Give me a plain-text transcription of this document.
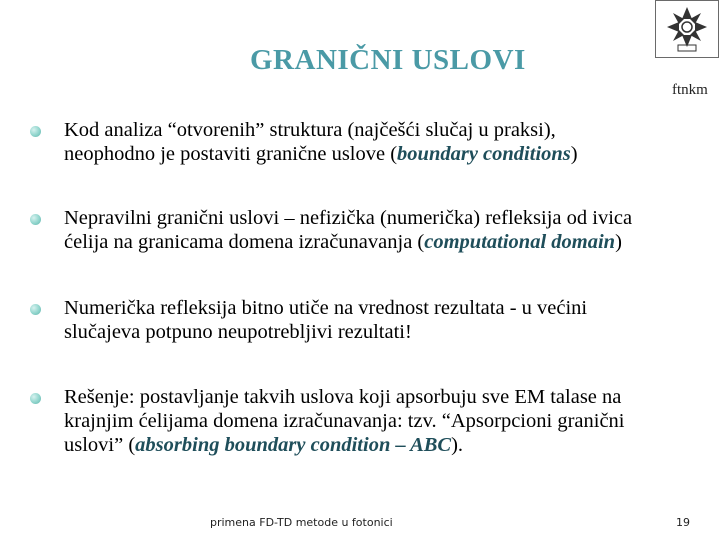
GRANIČNI USLOVI
ftnkm
Kod analiza “otvorenih” struktura (najčešći slučaj u praksi),
neophodno je postaviti granične uslove (boundary conditions)
Nepravilni granični uslovi – nefizička (numerička) refleksija od ivica
ćelija na granicama domena izračunavanja (computational domain)
Numerička refleksija bitno utiče na vrednost rezultata - u većini
slučajeva potpuno neupotrebljivi rezultati!
Rešenje: postavljanje takvih uslova koji apsorbuju sve EM talase na
krajnjim ćelijama domena izračunavanja: tzv. “Apsorpcioni granični
uslovi” (absorbing boundary condition – ABC).
primena FD-TD metode u fotonici	19
